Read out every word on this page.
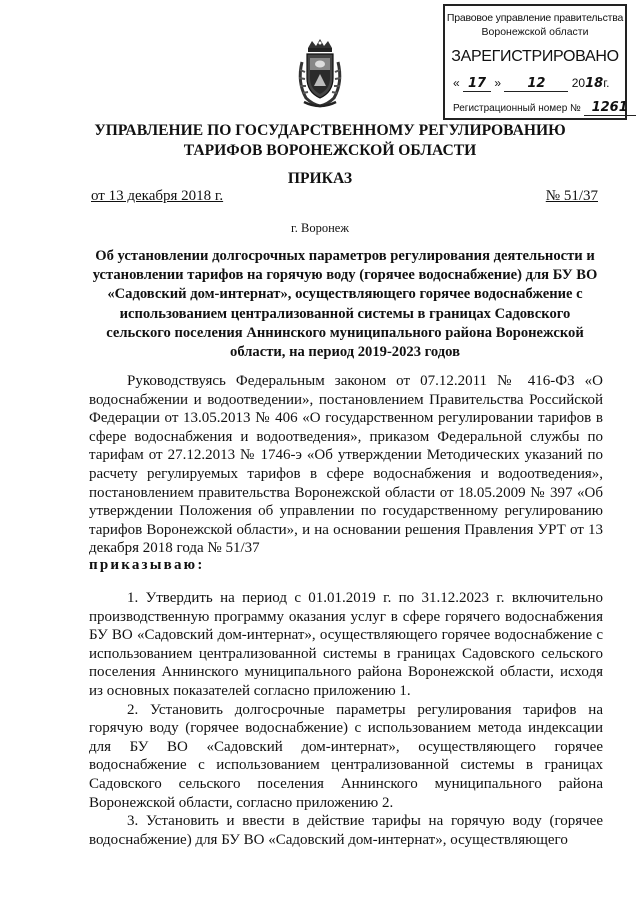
Правовое управление правительства
Воронежской области
ЗАРЕГИСТРИРОВАНО
« 17 » 12 2018г.
Регистрационный номер № 1261
УПРАВЛЕНИЕ ПО ГОСУДАРСТВЕННОМУ РЕГУЛИРОВАНИЮ
ТАРИФОВ ВОРОНЕЖСКОЙ ОБЛАСТИ
ПРИКАЗ
от 13 декабря 2018 г.	№ 51/37
г. Воронеж
Об установлении долгосрочных параметров регулирования деятельности и установлении тарифов на горячую воду (горячее водоснабжение) для БУ ВО «Садовский дом-интернат», осуществляющего горячее водоснабжение с использованием централизованной системы в границах Садовского сельского поселения Аннинского муниципального района Воронежской области, на период 2019-2023 годов

Руководствуясь Федеральным законом от 07.12.2011 № 416-ФЗ «О водоснабжении и водоотведении», постановлением Правительства Российской Федерации от 13.05.2013 № 406 «О государственном регулировании тарифов в сфере водоснабжения и водоотведения», приказом Федеральной службы по тарифам от 27.12.2013 № 1746-э «Об утверждении Методических указаний по расчету регулируемых тарифов в сфере водоснабжения и водоотведения», постановлением правительства Воронежской области от 18.05.2009 № 397 «Об утверждении Положения об управлении по государственному регулированию тарифов Воронежской области», и на основании решения Правления УРТ от 13 декабря 2018 года № 51/37

приказываю:

1. Утвердить на период с 01.01.2019 г. по 31.12.2023 г. включительно производственную программу оказания услуг в сфере горячего водоснабжения БУ ВО «Садовский дом-интернат», осуществляющего горячее водоснабжение с использованием централизованной системы в границах Садовского сельского поселения Аннинского муниципального района Воронежской области, исходя из основных показателей согласно приложению 1.

2. Установить долгосрочные параметры регулирования тарифов на горячую воду (горячее водоснабжение) с использованием метода индексации для БУ ВО «Садовский дом-интернат», осуществляющего горячее водоснабжение с использованием централизованной системы в границах Садовского сельского поселения Аннинского муниципального района Воронежской области, согласно приложению 2.

3. Установить и ввести в действие тарифы на горячую воду (горячее водоснабжение) для БУ ВО «Садовский дом-интернат», осуществляющего
